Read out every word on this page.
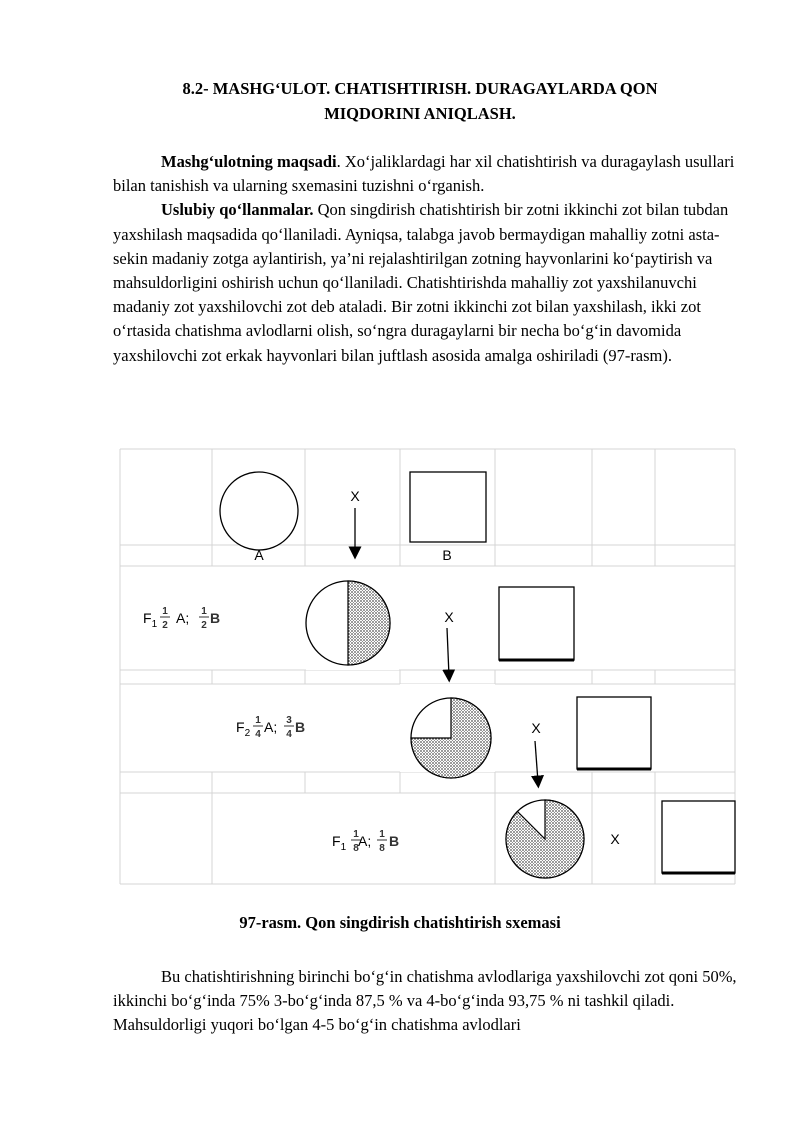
8.2- MASHG‘ULOT. CHATISHTIRISH. DURAGAYLARDA QON
MIQDORINI ANIQLASH.

Mashg‘ulotning maqsadi. Xo‘jaliklardagi har xil chatishtirish va duragaylash usullari bilan tanishish va ularning sxemasini tuzishni o‘rganish.

Uslubiy qo‘llanmalar. Qon singdirish chatishtirish bir zotni ikkinchi zot bilan tubdan yaxshilash maqsadida qo‘llaniladi. Ayniqsa, talabga javob bermaydigan mahalliy zotni asta-sekin madaniy zotga aylantirish, ya’ni rejalashtirilgan zotning hayvonlarini ko‘paytirish va mahsuldorligini oshirish uchun qo‘llaniladi. Chatishtirishda mahalliy zot yaxshilanuvchi madaniy zot yaxshilovchi zot deb ataladi. Bir zotni ikkinchi zot bilan yaxshilash, ikki zot o‘rtasida chatishma avlodlarni olish, so‘ngra duragaylarni bir necha bo‘g‘in davomida yaxshilovchi zot erkak hayvonlari bilan juftlash asosida amalga oshiriladi (97-rasm).

A	B
X
$F_1$
1
2 A; 1
2 B	X
$F_2$
1
4 A; 3
4 B	X
$F_1$
1
8 A; 1
8 B	X
97-rasm. Qon singdirish chatishtirish sxemasi

Bu chatishtirishning birinchi bo‘g‘in chatishma avlodlariga yaxshilovchi zot qoni 50%, ikkinchi bo‘g‘inda 75% 3-bo‘g‘inda 87,5 % va 4-bo‘g‘inda 93,75 % ni tashkil qiladi. Mahsuldorligi yuqori bo‘lgan 4-5 bo‘g‘in chatishma avlodlari
